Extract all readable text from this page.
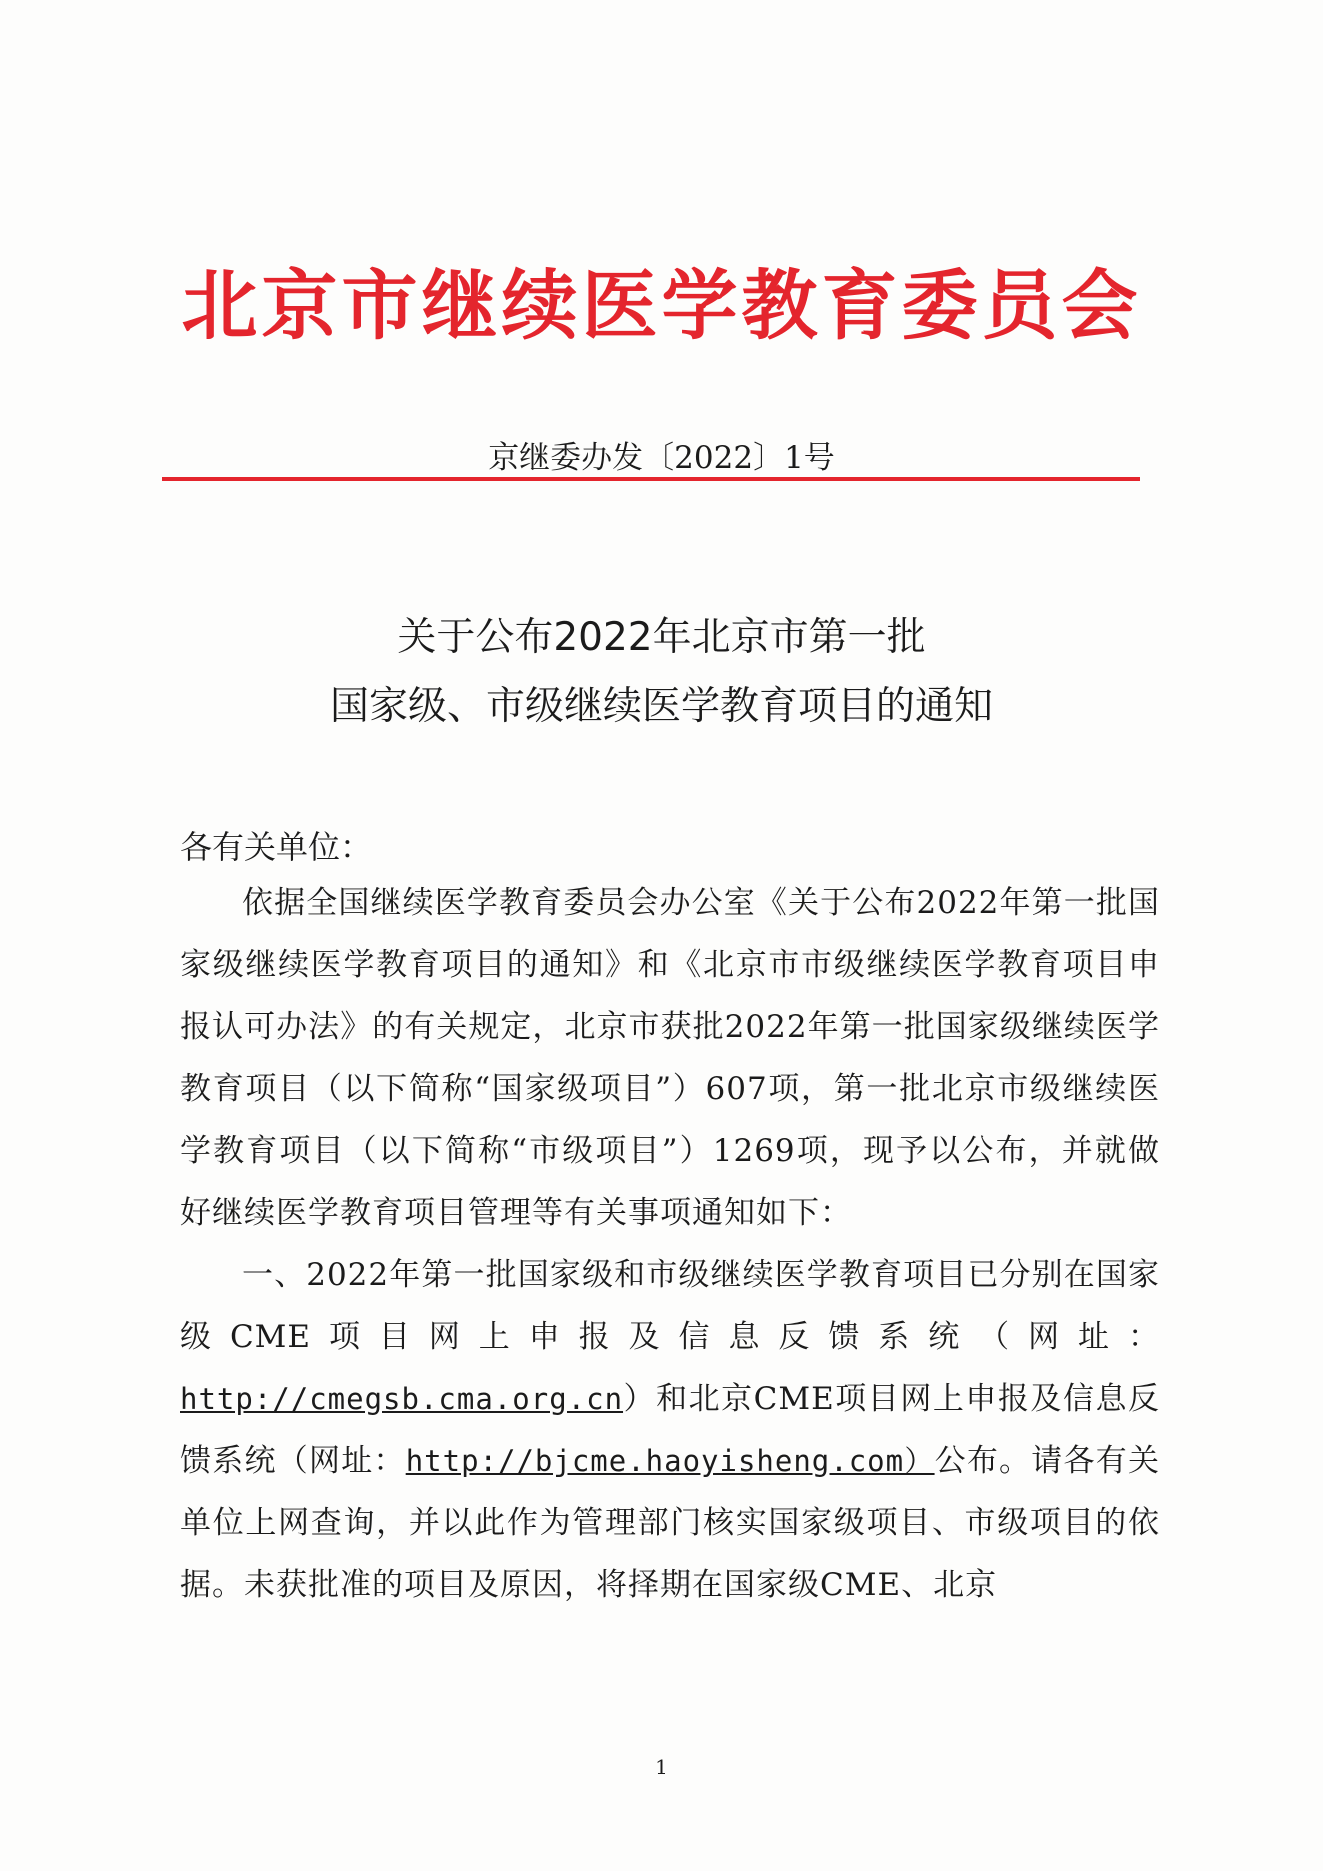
北京市继续医学教育委员会
京继委办发〔2022〕1号
关于公布2022年北京市第一批
国家级、市级继续医学教育项目的通知
各有关单位：

依据全国继续医学教育委员会办公室《关于公布2022年第一批国家级继续医学教育项目的通知》和《北京市市级继续医学教育项目申报认可办法》的有关规定，北京市获批2022年第一批国家级继续医学教育项目（以下简称“国家级项目”）607项，第一批北京市级继续医学教育项目（以下简称“市级项目”）1269项，现予以公布，并就做好继续医学教育项目管理等有关事项通知如下：

一、2022年第一批国家级和市级继续医学教育项目已分别在国家级CME项目网上申报及信息反馈系统（网址：http://cmegsb.cma.org.cn）和北京CME项目网上申报及信息反馈系统（网址：http://bjcme.haoyisheng.com）公布。请各有关单位上网查询，并以此作为管理部门核实国家级项目、市级项目的依据。未获批准的项目及原因，将择期在国家级CME、北京

1
